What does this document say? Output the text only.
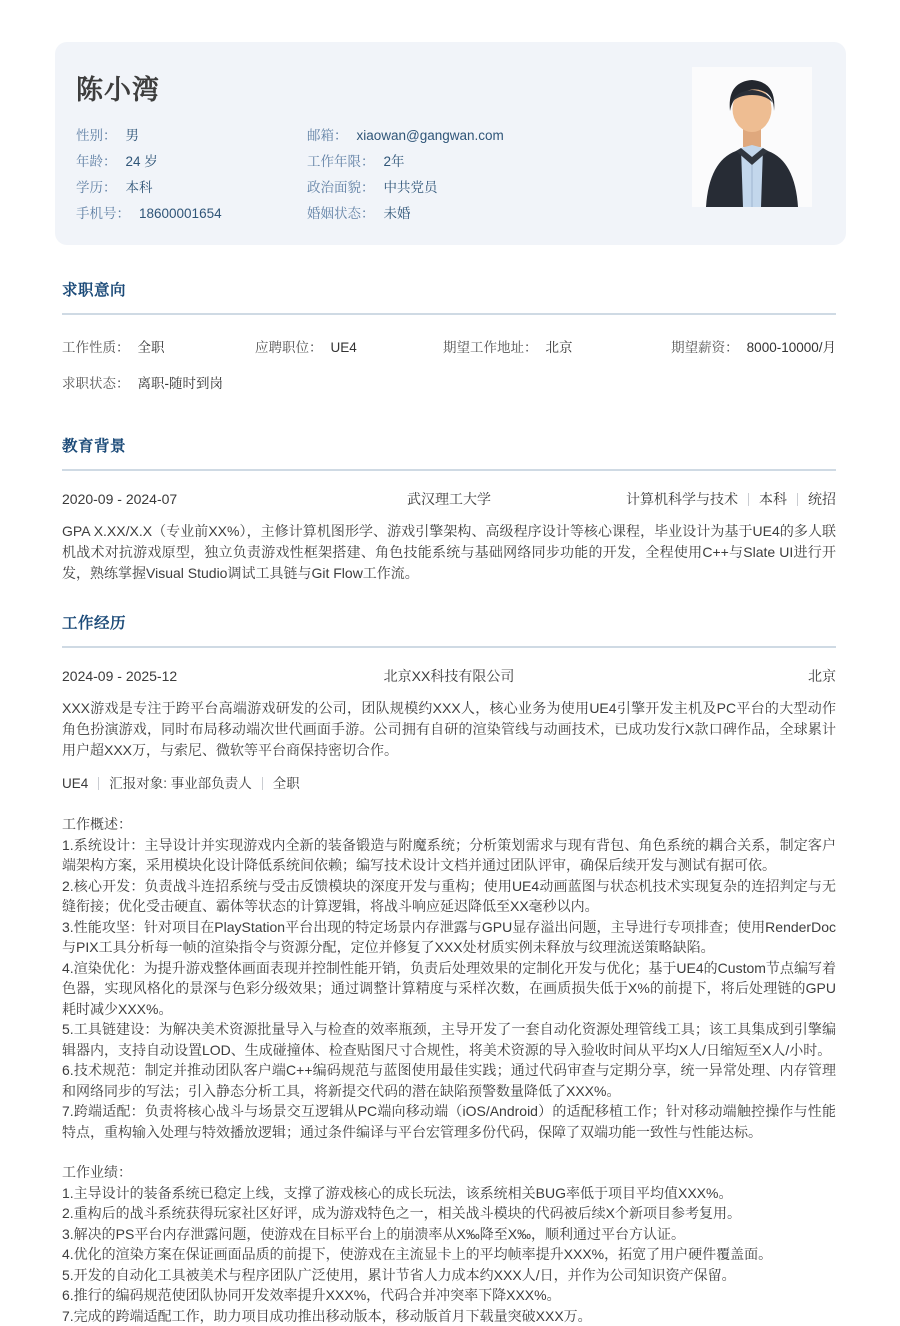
陈小湾
性别： 男
年龄： 24 岁
学历： 本科
手机号： 18600001654
邮箱： xiaowan@gangwan.com
工作年限： 2年
政治面貌： 中共党员
婚姻状态： 未婚
求职意向
工作性质： 全职	应聘职位： UE4	期望工作地址： 北京	期望薪资： 8000-10000/月
求职状态： 离职-随时到岗
教育背景
2020-09 - 2024-07	武汉理工大学	计算机科学与技术 本科 统招
GPA X.XX/X.X（专业前XX%），主修计算机图形学、游戏引擎架构、高级程序设计等核心课程，毕业设计为基于UE4的多人联机战术对抗游戏原型，独立负责游戏性框架搭建、角色技能系统与基础网络同步功能的开发，全程使用C++与Slate UI进行开发，熟练掌握Visual Studio调试工具链与Git Flow工作流。
工作经历
2024-09 - 2025-12	北京XX科技有限公司	北京
XXX游戏是专注于跨平台高端游戏研发的公司，团队规模约XXX人，核心业务为使用UE4引擎开发主机及PC平台的大型动作角色扮演游戏，同时布局移动端次世代画面手游。公司拥有自研的渲染管线与动画技术，已成功发行X款口碑作品，全球累计用户超XXX万，与索尼、微软等平台商保持密切合作。
UE4 汇报对象: 事业部负责人 全职
工作概述：
1.系统设计：主导设计并实现游戏内全新的装备锻造与附魔系统；分析策划需求与现有背包、角色系统的耦合关系，制定客户端架构方案，采用模块化设计降低系统间依赖；编写技术设计文档并通过团队评审，确保后续开发与测试有据可依。
2.核心开发：负责战斗连招系统与受击反馈模块的深度开发与重构；使用UE4动画蓝图与状态机技术实现复杂的连招判定与无缝衔接；优化受击硬直、霸体等状态的计算逻辑，将战斗响应延迟降低至XX毫秒以内。
3.性能攻坚：针对项目在PlayStation平台出现的特定场景内存泄露与GPU显存溢出问题，主导进行专项排查；使用RenderDoc与PIX工具分析每一帧的渲染指令与资源分配，定位并修复了XXX处材质实例未释放与纹理流送策略缺陷。
4.渲染优化：为提升游戏整体画面表现并控制性能开销，负责后处理效果的定制化开发与优化；基于UE4的Custom节点编写着色器，实现风格化的景深与色彩分级效果；通过调整计算精度与采样次数，在画质损失低于X%的前提下，将后处理链的GPU耗时减少XXX%。
5.工具链建设：为解决美术资源批量导入与检查的效率瓶颈，主导开发了一套自动化资源处理管线工具；该工具集成到引擎编辑器内，支持自动设置LOD、生成碰撞体、检查贴图尺寸合规性，将美术资源的导入验收时间从平均X人/日缩短至X人/小时。
6.技术规范：制定并推动团队客户端C++编码规范与蓝图使用最佳实践；通过代码审查与定期分享，统一异常处理、内存管理和网络同步的写法；引入静态分析工具，将新提交代码的潜在缺陷预警数量降低了XXX%。
7.跨端适配：负责将核心战斗与场景交互逻辑从PC端向移动端（iOS/Android）的适配移植工作；针对移动端触控操作与性能特点，重构输入处理与特效播放逻辑；通过条件编译与平台宏管理多份代码，保障了双端功能一致性与性能达标。
工作业绩：
1.主导设计的装备系统已稳定上线，支撑了游戏核心的成长玩法，该系统相关BUG率低于项目平均值XXX%。
2.重构后的战斗系统获得玩家社区好评，成为游戏特色之一，相关战斗模块的代码被后续X个新项目参考复用。
3.解决的PS平台内存泄露问题，使游戏在目标平台上的崩溃率从X‰降至X‰，顺利通过平台方认证。
4.优化的渲染方案在保证画面品质的前提下，使游戏在主流显卡上的平均帧率提升XXX%，拓宽了用户硬件覆盖面。
5.开发的自动化工具被美术与程序团队广泛使用，累计节省人力成本约XXX人/日，并作为公司知识资产保留。
6.推行的编码规范使团队协同开发效率提升XXX%，代码合并冲突率下降XXX%。
7.完成的跨端适配工作，助力项目成功推出移动版本，移动版首月下载量突破XXX万。
